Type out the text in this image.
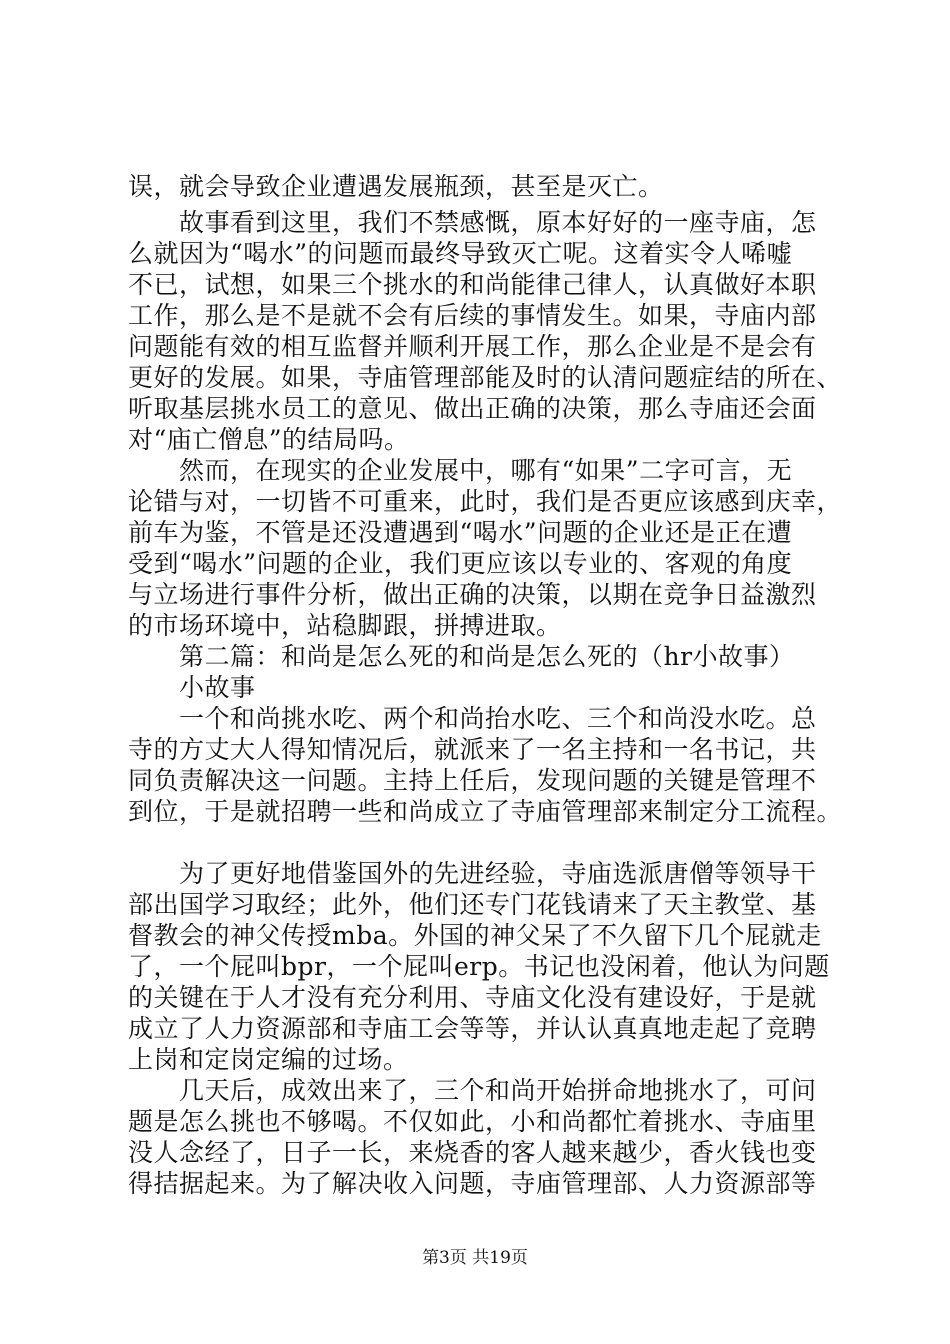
误，就会导致企业遭遇发展瓶颈，甚至是灭亡。
　　故事看到这里，我们不禁感慨，原本好好的一座寺庙，怎
么就因为“喝水”的问题而最终导致灭亡呢。这着实令人唏嘘
不已，试想，如果三个挑水的和尚能律己律人，认真做好本职
工作，那么是不是就不会有后续的事情发生。如果，寺庙内部
问题能有效的相互监督并顺利开展工作，那么企业是不是会有
更好的发展。如果，寺庙管理部能及时的认清问题症结的所在、
听取基层挑水员工的意见、做出正确的决策，那么寺庙还会面
对“庙亡僧息”的结局吗。
　　然而，在现实的企业发展中，哪有“如果”二字可言，无
论错与对，一切皆不可重来，此时，我们是否更应该感到庆幸，
前车为鉴，不管是还没遭遇到“喝水”问题的企业还是正在遭
受到“喝水”问题的企业，我们更应该以专业的、客观的角度
与立场进行事件分析，做出正确的决策，以期在竞争日益激烈
的市场环境中，站稳脚跟，拼搏进取。
　　第二篇：和尚是怎么死的和尚是怎么死的（hr小故事）
　　小故事
　　一个和尚挑水吃、两个和尚抬水吃、三个和尚没水吃。总
寺的方丈大人得知情况后，就派来了一名主持和一名书记，共
同负责解决这一问题。主持上任后，发现问题的关键是管理不
到位，于是就招聘一些和尚成立了寺庙管理部来制定分工流程。
　　为了更好地借鉴国外的先进经验，寺庙选派唐僧等领导干
部出国学习取经；此外，他们还专门花钱请来了天主教堂、基
督教会的神父传授mba。外国的神父呆了不久留下几个屁就走
了，一个屁叫bpr，一个屁叫erp。书记也没闲着，他认为问题
的关键在于人才没有充分利用、寺庙文化没有建设好，于是就
成立了人力资源部和寺庙工会等等，并认认真真地走起了竞聘
上岗和定岗定编的过场。
　　几天后，成效出来了，三个和尚开始拼命地挑水了，可问
题是怎么挑也不够喝。不仅如此，小和尚都忙着挑水、寺庙里
没人念经了，日子一长，来烧香的客人越来越少，香火钱也变
得拮据起来。为了解决收入问题，寺庙管理部、人力资源部等
第3页 共19页
